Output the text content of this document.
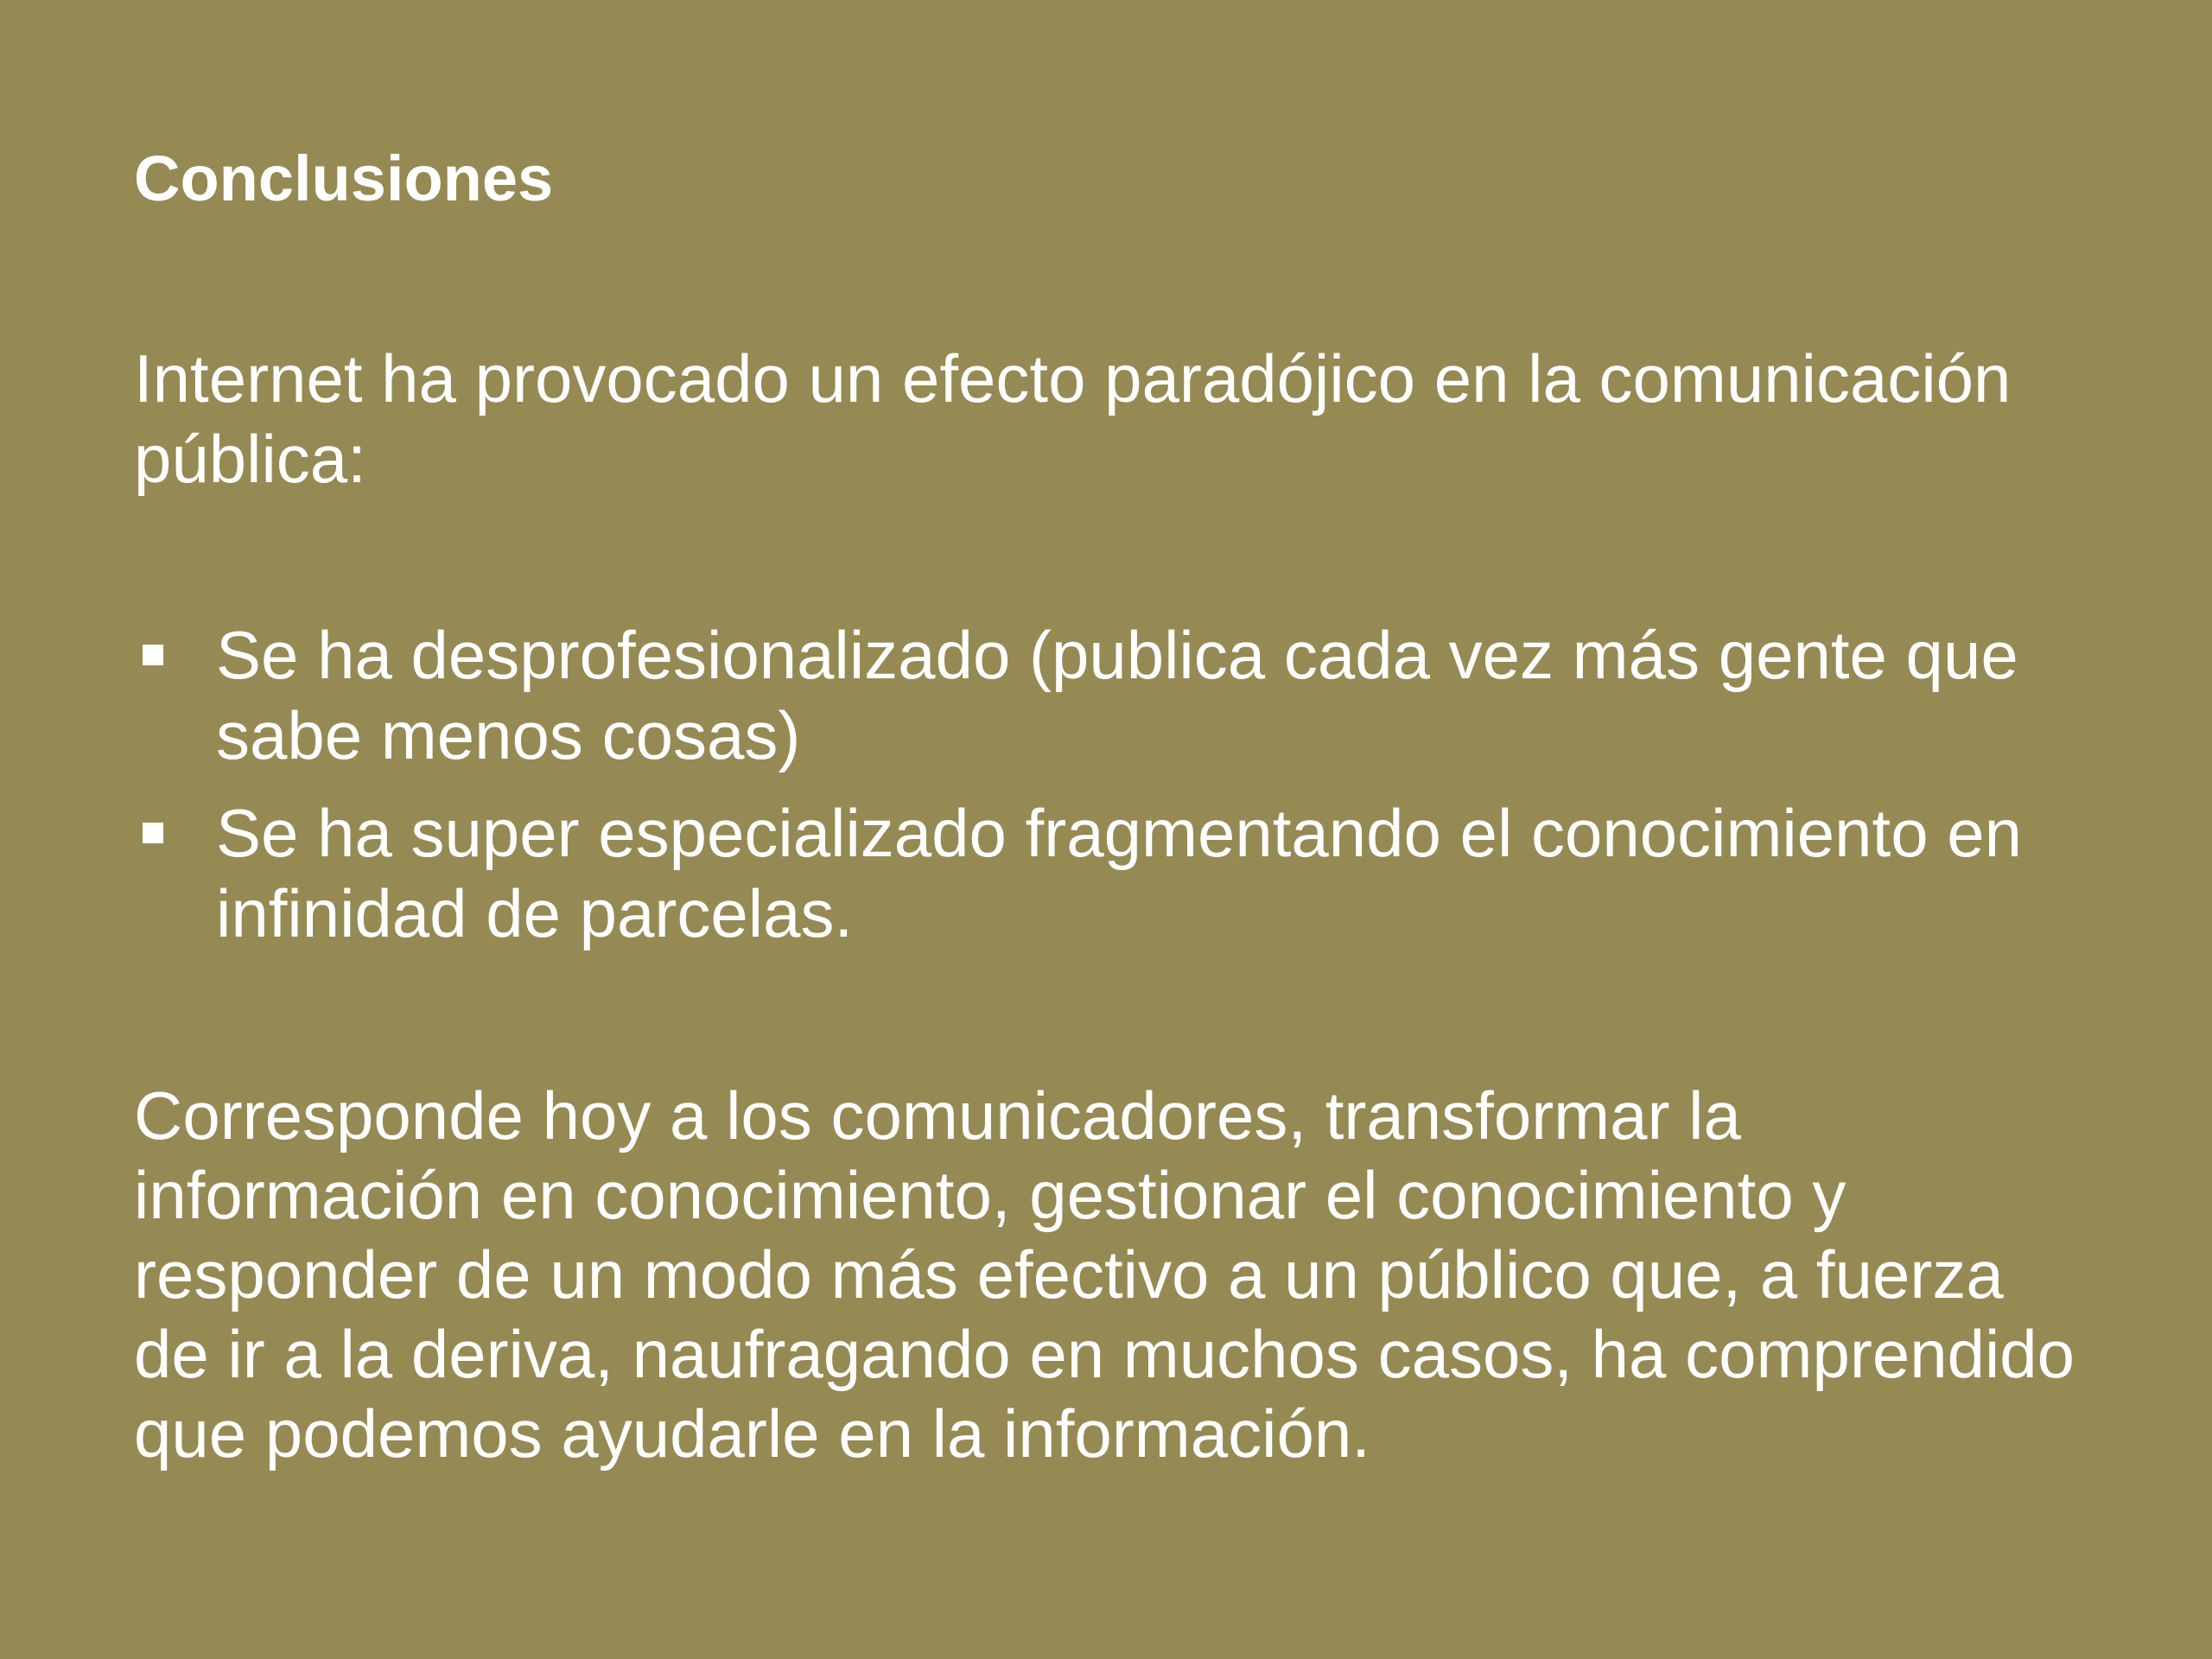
Conclusiones

Internet ha provocado un efecto paradójico en la comunicación pública:

Se ha desprofesionalizado (publica cada vez más gente que sabe menos cosas)
Se ha super especializado fragmentando el conocimiento en infinidad de parcelas.

Corresponde hoy a los comunicadores, transformar la información en conocimiento, gestionar el conocimiento y responder de un modo más efectivo a un público que, a fuerza de ir a la deriva, naufragando en muchos casos, ha comprendido que podemos ayudarle en la información.
